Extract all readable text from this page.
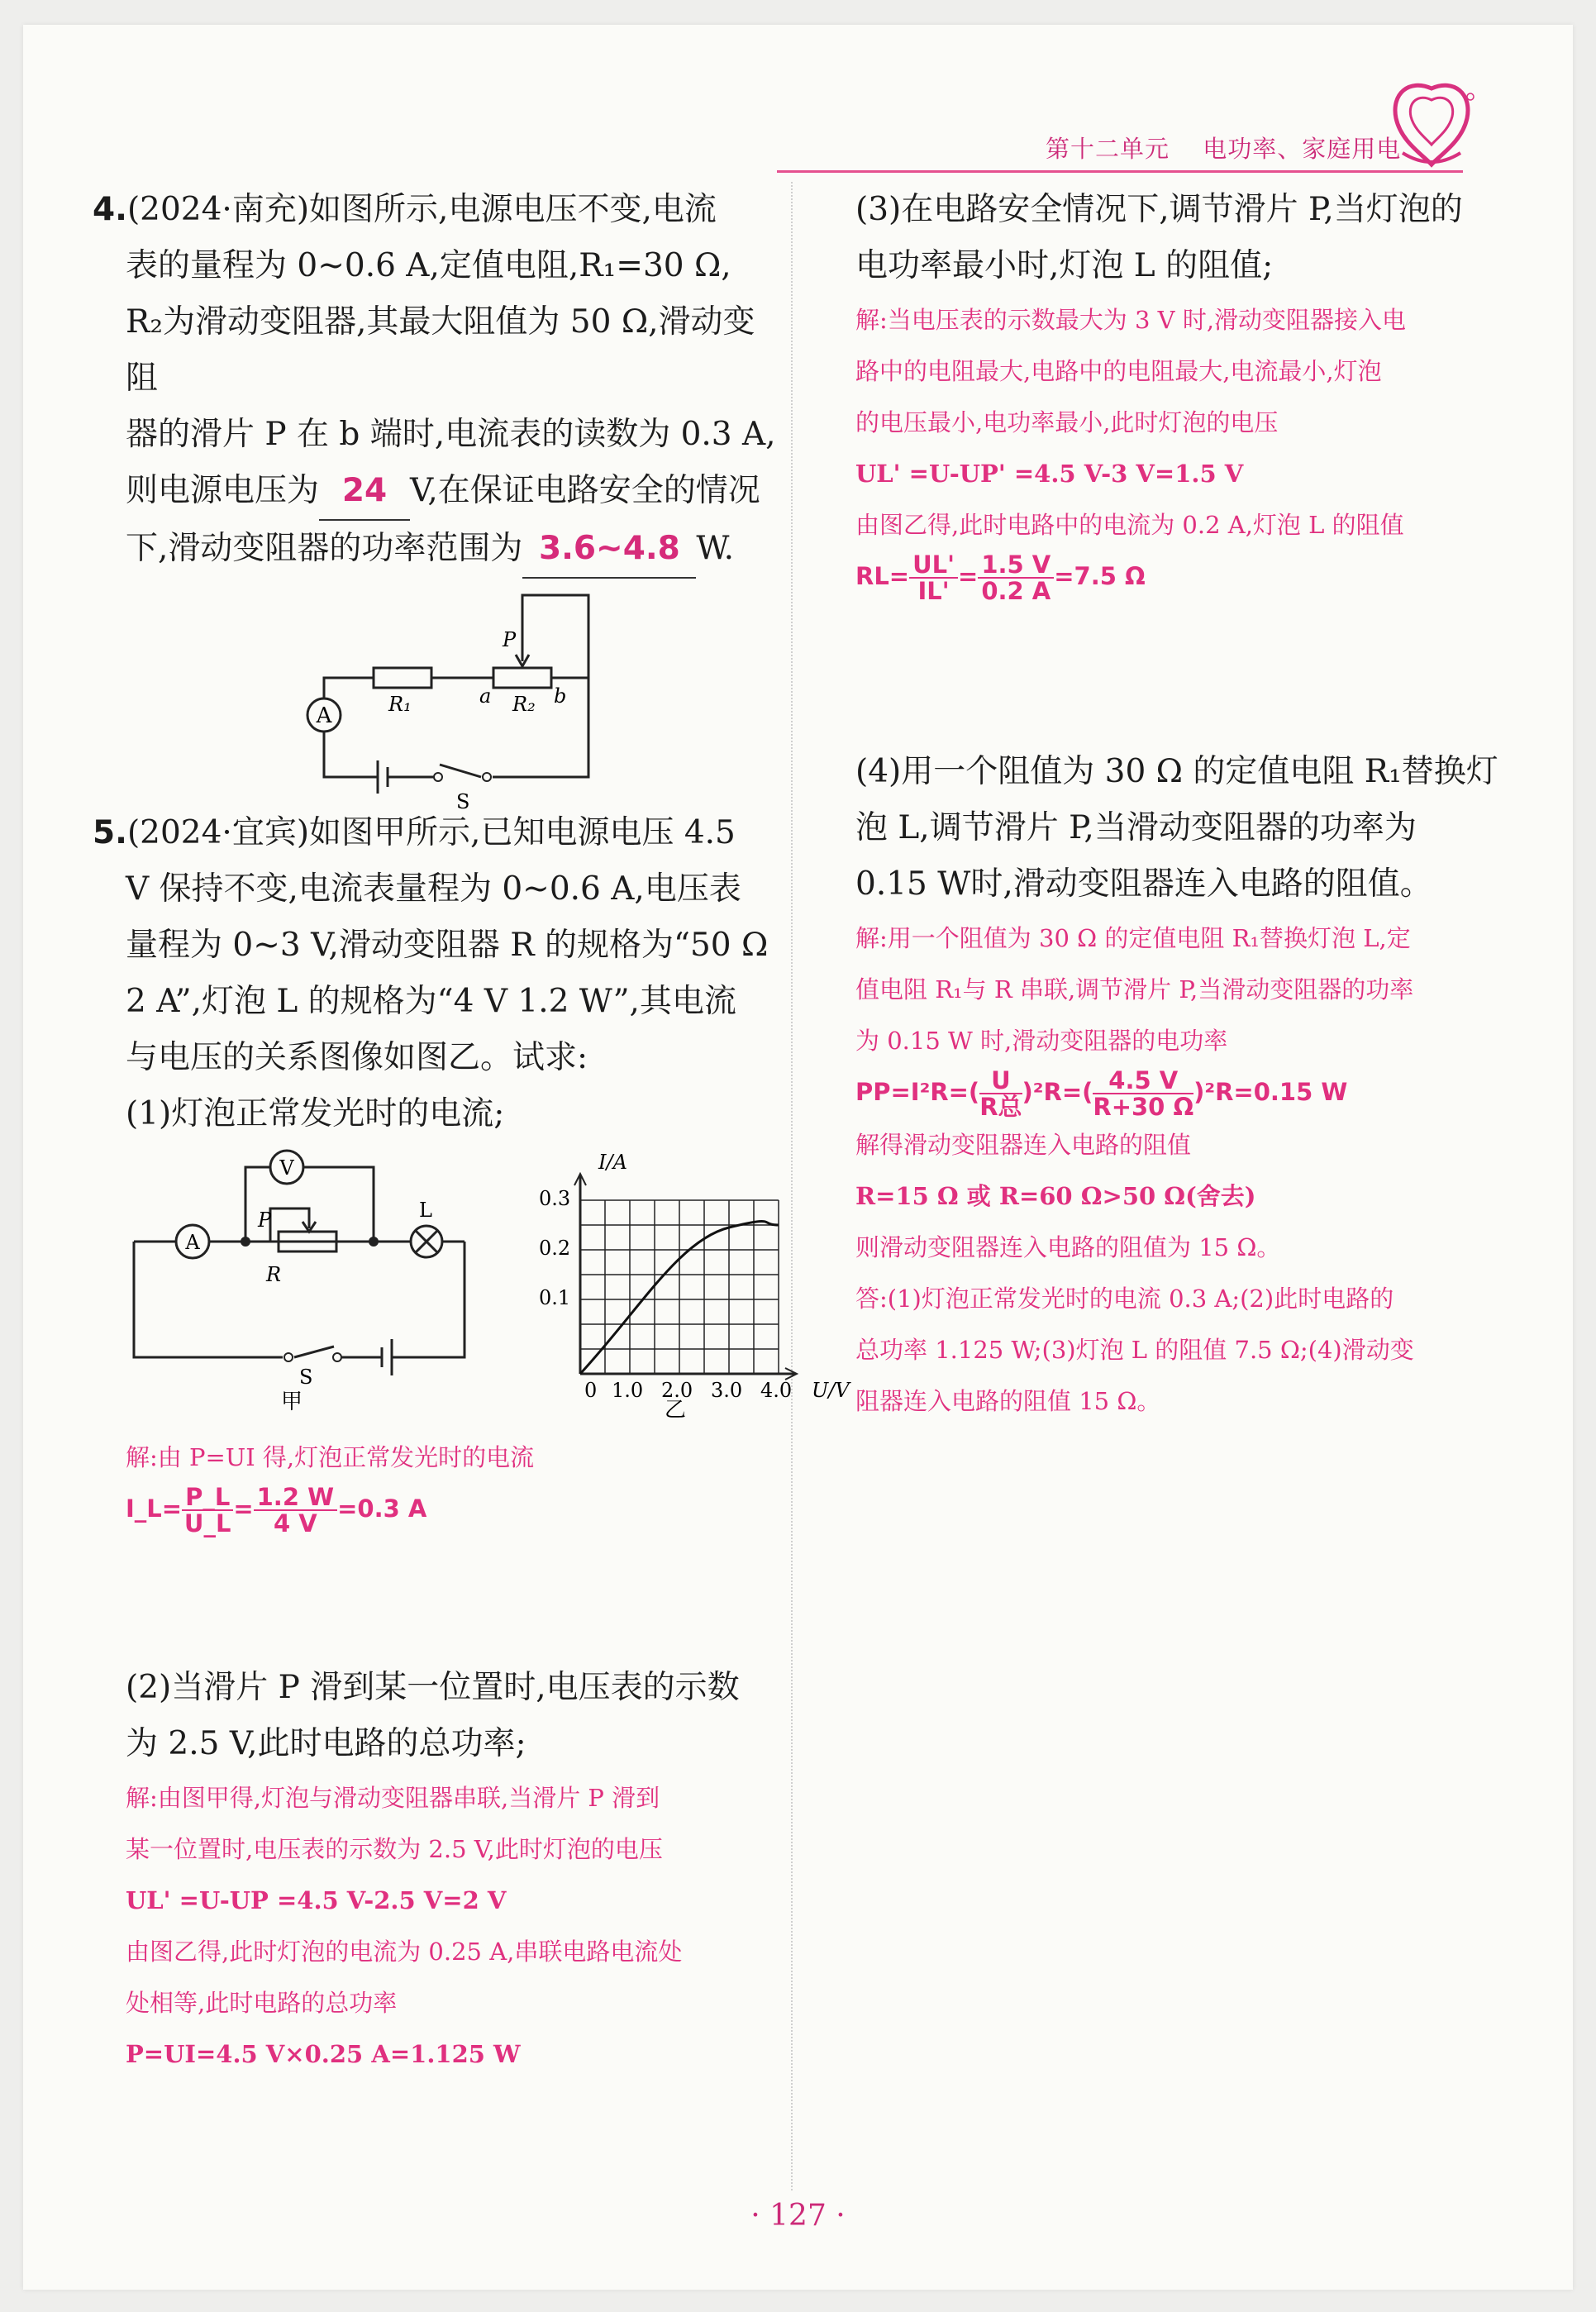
第十二单元 电功率、家庭用电

4.(2024·南充)如图所示,电源电压不变,电流

表的量程为 0~0.6 A,定值电阻,R₁=30 Ω,

R₂为滑动变阻器,其最大阻值为 50 Ω,滑动变阻

器的滑片 P 在 b 端时,电流表的读数为 0.3 A,

则电源电压为 24 V,在保证电路安全的情况

下,滑动变阻器的功率范围为 3.6~4.8 W.

A	R₁	R₂
a	b
P
S

5.(2024·宜宾)如图甲所示,已知电源电压 4.5

V 保持不变,电流表量程为 0~0.6 A,电压表

量程为 0~3 V,滑动变阻器 R 的规格为“50 Ω

2 A”,灯泡 L 的规格为“4 V 1.2 W”,其电流

与电压的关系图像如图乙。试求:

(1)灯泡正常发光时的电流;

A
V
P
R
L
S
甲	0 1.0 2.0 3.0 4.0
0.3
0.2
0.1
I/A
U/V
乙

解:由 P=UI 得,灯泡正常发光时的电流

I_L= $\frac{P\_L}{U\_L} = \frac{1.2 W}{4 V} =0.3$ A

(2)当滑片 P 滑到某一位置时,电压表的示数

为 2.5 V,此时电路的总功率;

解:由图甲得,灯泡与滑动变阻器串联,当滑片 P 滑到

某一位置时,电压表的示数为 2.5 V,此时灯泡的电压

UL' =U-UP =4.5 V-2.5 V=2 V

由图乙得,此时灯泡的电流为 0.25 A,串联电路电流处

处相等,此时电路的总功率

P=UI=4.5 V×0.25 A=1.125 W

(3)在电路安全情况下,调节滑片 P,当灯泡的

电功率最小时,灯泡 L 的阻值;

解:当电压表的示数最大为 3 V 时,滑动变阻器接入电

路中的电阻最大,电路中的电阻最大,电流最小,灯泡

的电压最小,电功率最小,此时灯泡的电压

UL' =U-UP' =4.5 V-3 V=1.5 V

由图乙得,此时电路中的电流为 0.2 A,灯泡 L 的阻值

$RL= \frac{UL'}{IL'} = \frac{1.5 V}{0.2 A} =7.5$ Ω

(4)用一个阻值为 30 Ω 的定值电阻 R₁替换灯

泡 L,调节滑片 P,当滑动变阻器的功率为

0.15 W时,滑动变阻器连入电路的阻值。

解:用一个阻值为 30 Ω 的定值电阻 R₁替换灯泡 L,定

值电阻 R₁与 R 串联,调节滑片 P,当滑动变阻器的功率

为 0.15 W 时,滑动变阻器的电功率

$PP=I^2R=( \frac{U}{\text{R总}} )^2R=( \frac{4.5 V}{R+30 \Omega} )^2R=0.15$ W

解得滑动变阻器连入电路的阻值

R=15 Ω 或 R=60 Ω>50 Ω(舍去)

则滑动变阻器连入电路的阻值为 15 Ω。

答:(1)灯泡正常发光时的电流 0.3 A;(2)此时电路的

总功率 1.125 W;(3)灯泡 L 的阻值 7.5 Ω;(4)滑动变

阻器连入电路的阻值 15 Ω。

· 127 ·
